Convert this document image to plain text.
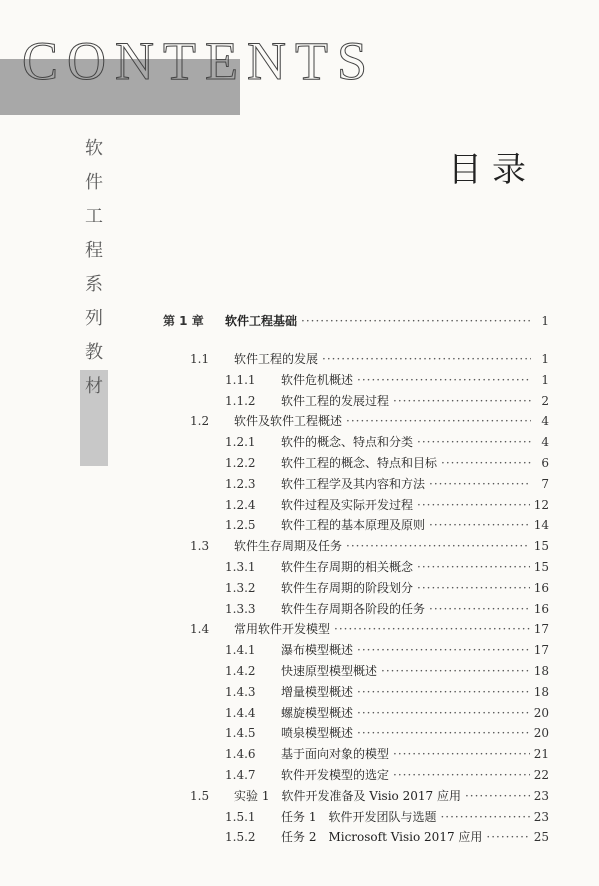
CONTENTS
软
件
工
程
系
列
教
材
目录
第 1 章	软件工程基础 ·····	1
1.1	软件工程的发展 ·····	1
1.1.1	软件危机概述 ·····	1
1.1.2	软件工程的发展过程 ·····	2
1.2	软件及软件工程概述 ·····	4
1.2.1	软件的概念、特点和分类 ·····	4
1.2.2	软件工程的概念、特点和目标 ·····	6
1.2.3	软件工程学及其内容和方法 ·····	7
1.2.4	软件过程及实际开发过程 ·····	12
1.2.5	软件工程的基本原理及原则 ·····	14
1.3	软件生存周期及任务 ·····	15
1.3.1	软件生存周期的相关概念 ·····	15
1.3.2	软件生存周期的阶段划分 ·····	16
1.3.3	软件生存周期各阶段的任务 ·····	16
1.4	常用软件开发模型 ·····	17
1.4.1	瀑布模型概述 ·····	17
1.4.2	快速原型模型概述 ·····	18
1.4.3	增量模型概述 ·····	18
1.4.4	螺旋模型概述 ·····	20
1.4.5	喷泉模型概述 ·····	20
1.4.6	基于面向对象的模型 ·····	21
1.4.7	软件开发模型的选定 ·····	22
1.5	实验 1　软件开发准备及 Visio 2017 应用 ·····	23
1.5.1	任务 1　软件开发团队与选题 ·····	23
1.5.2	任务 2　Microsoft Visio 2017 应用 ·····	25
